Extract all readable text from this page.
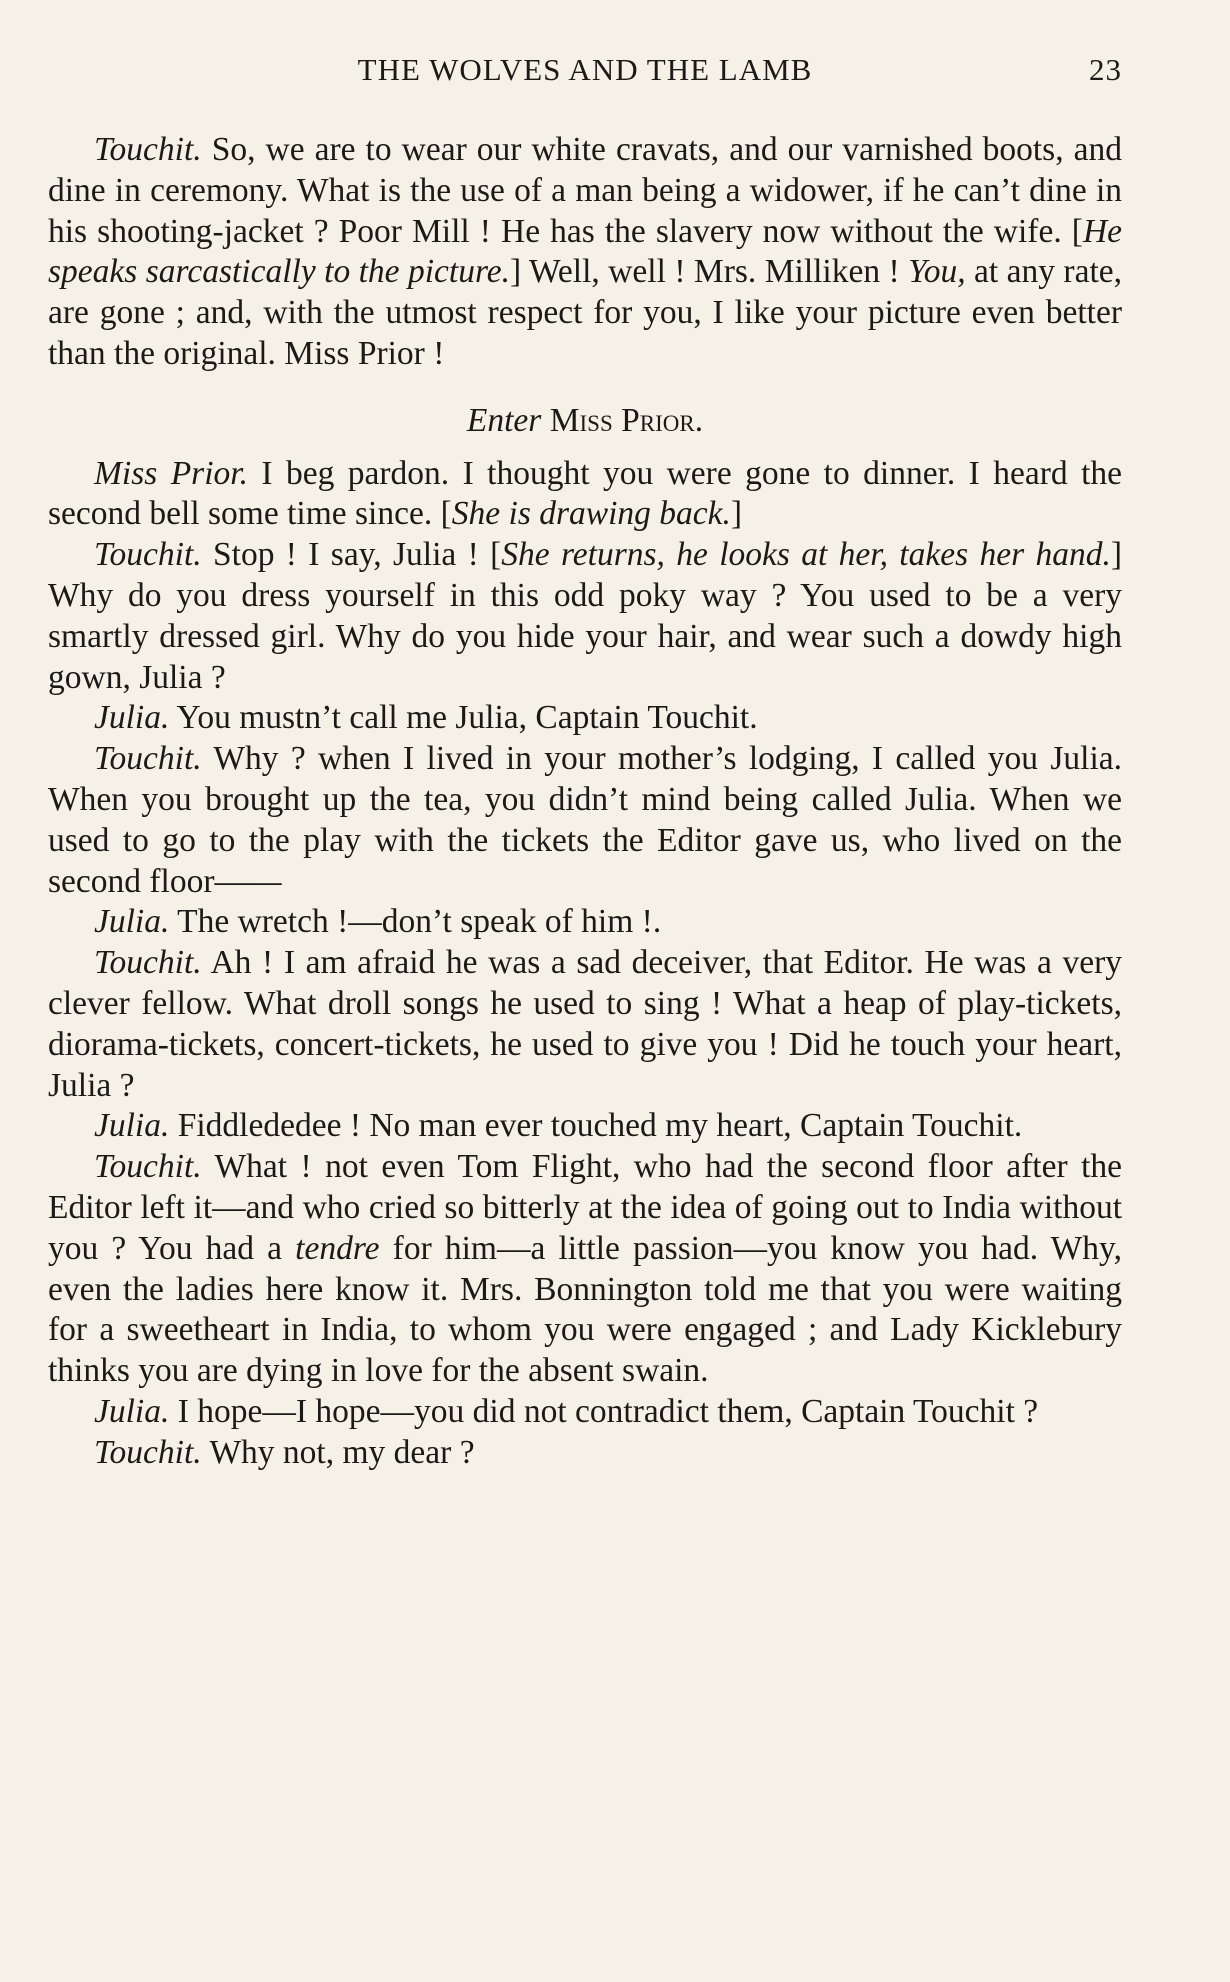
THE WOLVES AND THE LAMB	23

Touchit. So, we are to wear our white cravats, and our varnished boots, and dine in ceremony. What is the use of a man being a widower, if he can’t dine in his shooting-jacket ? Poor Mill ! He has the slavery now without the wife. [He speaks sarcastically to the picture.] Well, well ! Mrs. Milliken ! You, at any rate, are gone ; and, with the utmost respect for you, I like your picture even better than the original. Miss Prior !

Enter Miss Prior.

Miss Prior. I beg pardon. I thought you were gone to dinner. I heard the second bell some time since. [She is drawing back.]

Touchit. Stop ! I say, Julia ! [She returns, he looks at her, takes her hand.] Why do you dress yourself in this odd poky way ? You used to be a very smartly dressed girl. Why do you hide your hair, and wear such a dowdy high gown, Julia ?

Julia. You mustn’t call me Julia, Captain Touchit.

Touchit. Why ? when I lived in your mother’s lodging, I called you Julia. When you brought up the tea, you didn’t mind being called Julia. When we used to go to the play with the tickets the Editor gave us, who lived on the second floor——

Julia. The wretch !—don’t speak of him !.

Touchit. Ah ! I am afraid he was a sad deceiver, that Editor. He was a very clever fellow. What droll songs he used to sing ! What a heap of play-tickets, diorama-tickets, concert-tickets, he used to give you ! Did he touch your heart, Julia ?

Julia. Fiddlededee ! No man ever touched my heart, Captain Touchit.

Touchit. What ! not even Tom Flight, who had the second floor after the Editor left it—and who cried so bitterly at the idea of going out to India without you ? You had a tendre for him—a little passion—you know you had. Why, even the ladies here know it. Mrs. Bonnington told me that you were waiting for a sweetheart in India, to whom you were engaged ; and Lady Kicklebury thinks you are dying in love for the absent swain.

Julia. I hope—I hope—you did not contradict them, Captain Touchit ?

Touchit. Why not, my dear ?
